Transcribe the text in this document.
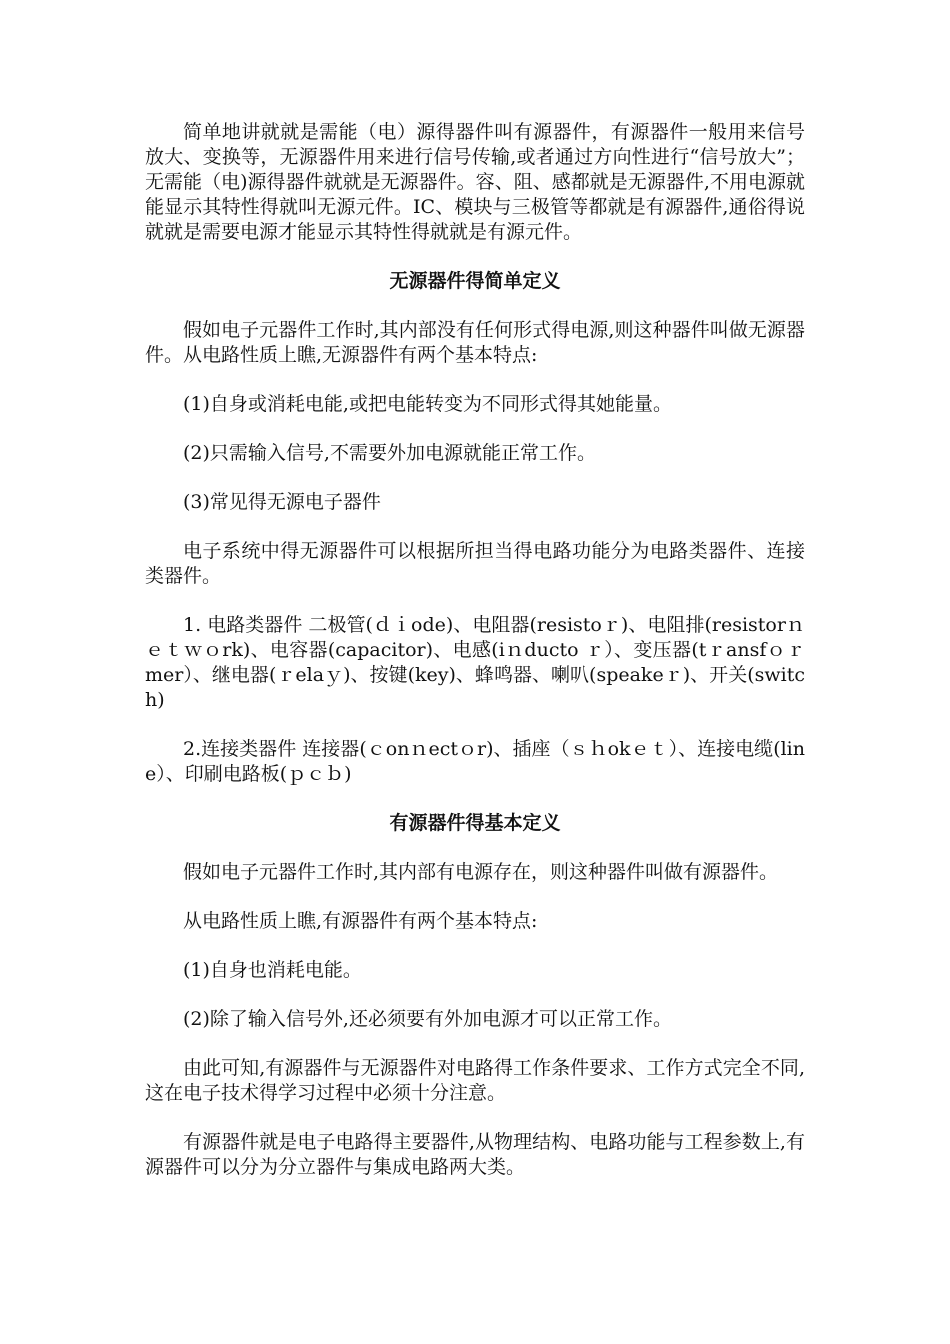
简单地讲就就是需能（电）源得器件叫有源器件，有源器件一般用来信号放大、变换等，无源器件用来进行信号传输,或者通过方向性进行“信号放大”；无需能（电)源得器件就就是无源器件。容、阻、感都就是无源器件,不用电源就能显示其特性得就叫无源元件。IC、模块与三极管等都就是有源器件,通俗得说就就是需要电源才能显示其特性得就就是有源元件。

无源器件得简单定义

假如电子元器件工作时,其内部没有任何形式得电源,则这种器件叫做无源器件。从电路性质上瞧,无源器件有两个基本特点:

(1)自身或消耗电能,或把电能转变为不同形式得其她能量。

(2)只需输入信号,不需要外加电源就能正常工作。

(3)常见得无源电子器件

电子系统中得无源器件可以根据所担当得电路功能分为电路类器件、连接类器件。

1. 电路类器件 二极管(ｄｉode)、电阻器(resistoｒ)、电阻排(resistorｎｅｔｗｏrk)、电容器(capacitor)、电感(iｎducto ｒ）、变压器(tｒansfｏｒmer）、继电器(ｒelaｙ)、按键(key)、蜂鸣器、喇叭(speakeｒ)、开关(switch)

2.连接类器件 连接器(ｃonｎectｏr)、插座（ｓｈokｅｔ）、连接电缆(line）、印刷电路板(ｐｃｂ)

有源器件得基本定义

假如电子元器件工作时,其内部有电源存在，则这种器件叫做有源器件。

从电路性质上瞧,有源器件有两个基本特点:

(1)自身也消耗电能。

(2)除了输入信号外,还必须要有外加电源才可以正常工作。

由此可知,有源器件与无源器件对电路得工作条件要求、工作方式完全不同,这在电子技术得学习过程中必须十分注意。

有源器件就是电子电路得主要器件,从物理结构、电路功能与工程参数上,有源器件可以分为分立器件与集成电路两大类。
